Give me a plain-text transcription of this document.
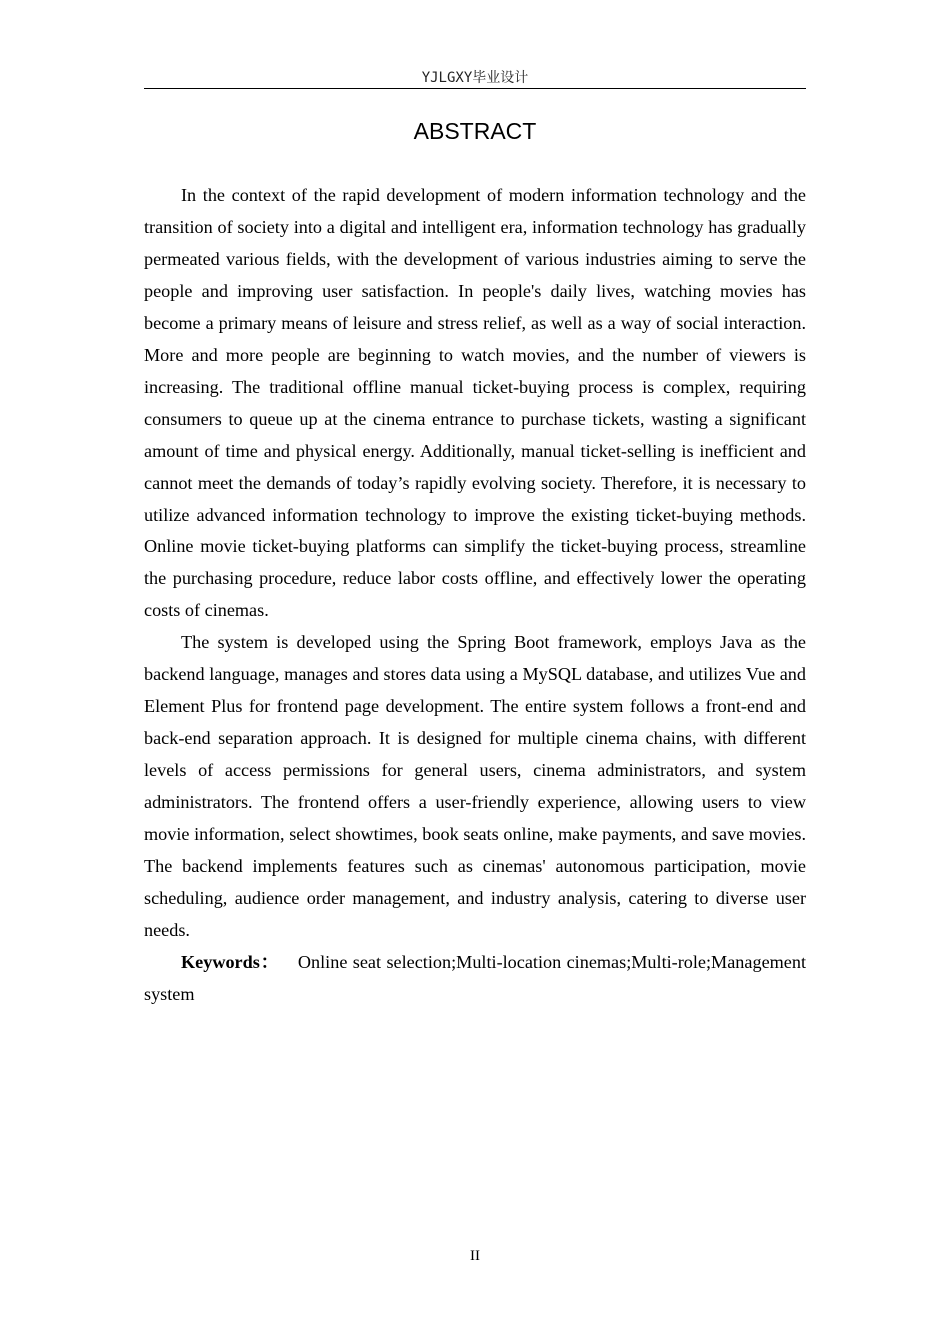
YJLGXY毕业设计
ABSTRACT

In the context of the rapid development of modern information technology and the transition of society into a digital and intelligent era, information technology has gradually permeated various fields, with the development of various industries aiming to serve the people and improving user satisfaction. In people's daily lives, watching movies has become a primary means of leisure and stress relief, as well as a way of social interaction. More and more people are beginning to watch movies, and the number of viewers is increasing. The traditional offline manual ticket-buying process is complex, requiring consumers to queue up at the cinema entrance to purchase tickets, wasting a significant amount of time and physical energy. Additionally, manual ticket-selling is inefficient and cannot meet the demands of today’s rapidly evolving society. Therefore, it is necessary to utilize advanced information technology to improve the existing ticket-buying methods. Online movie ticket-buying platforms can simplify the ticket-buying process, streamline the purchasing procedure, reduce labor costs offline, and effectively lower the operating costs of cinemas.

The system is developed using the Spring Boot framework, employs Java as the backend language, manages and stores data using a MySQL database, and utilizes Vue and Element Plus for frontend page development. The entire system follows a front-end and back-end separation approach. It is designed for multiple cinema chains, with different levels of access permissions for general users, cinema administrators, and system administrators. The frontend offers a user-friendly experience, allowing users to view movie information, select showtimes, book seats online, make payments, and save movies. The backend implements features such as cinemas' autonomous participation, movie scheduling, audience order management, and industry analysis, catering to diverse user needs.

Keywords：  Online seat selection;Multi-location cinemas;Multi-role;Management system

II
